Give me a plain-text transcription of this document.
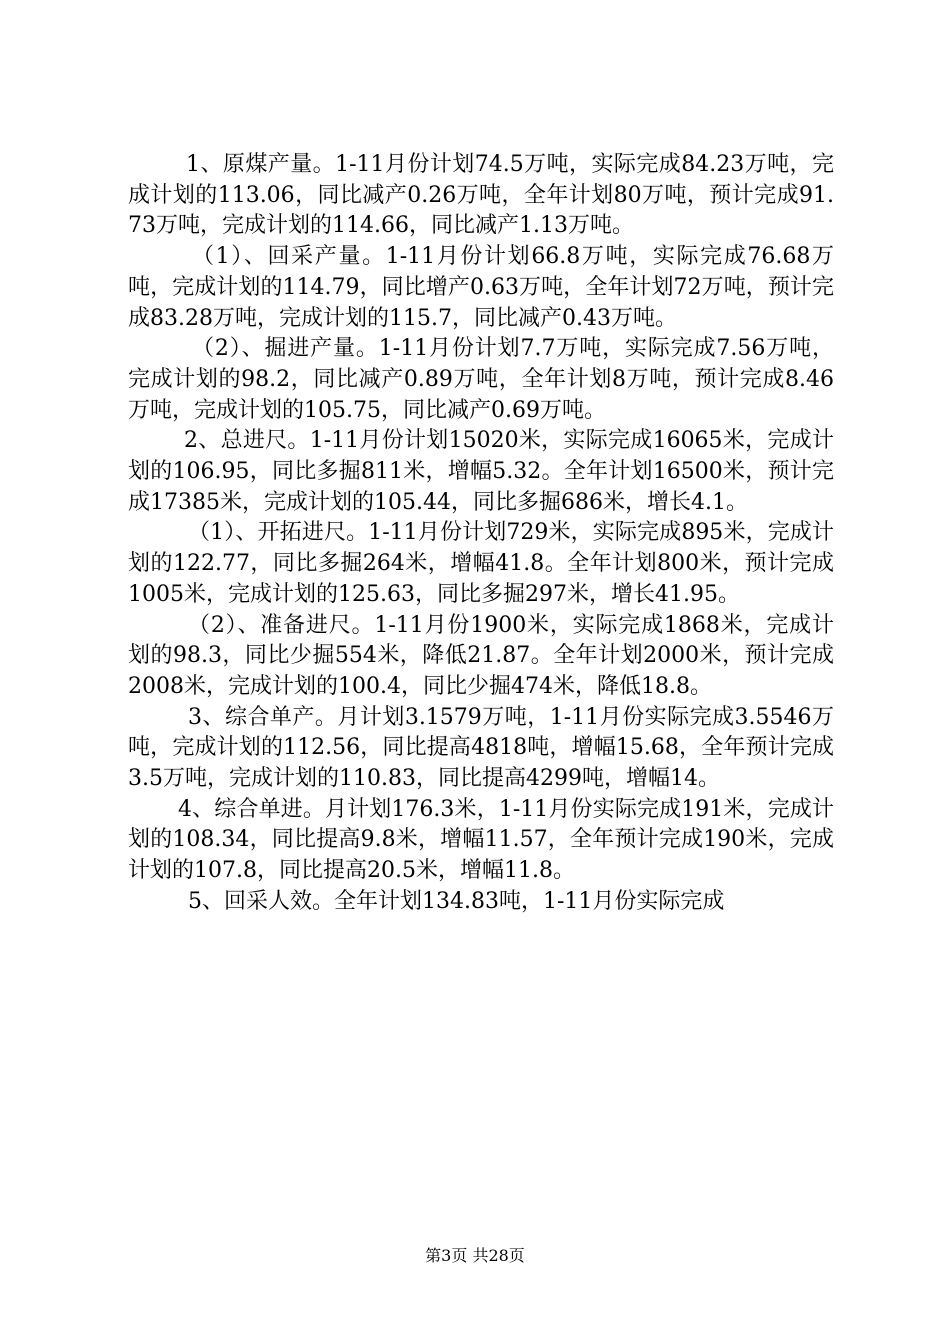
1、原煤产量。1-11月份计划74.5万吨，实际完成84.23万吨，完成计划的113.06，同比减产0.26万吨，全年计划80万吨，预计完成91.73万吨，完成计划的114.66，同比减产1.13万吨。

（1）、回采产量。1-11月份计划66.8万吨，实际完成76.68万吨，完成计划的114.79，同比增产0.63万吨，全年计划72万吨，预计完成83.28万吨，完成计划的115.7，同比减产0.43万吨。

（2）、掘进产量。1-11月份计划7.7万吨，实际完成7.56万吨，完成计划的98.2，同比减产0.89万吨，全年计划8万吨，预计完成8.46万吨，完成计划的105.75，同比减产0.69万吨。

2、总进尺。1-11月份计划15020米，实际完成16065米，完成计划的106.95，同比多掘811米，增幅5.32。全年计划16500米，预计完成17385米，完成计划的105.44，同比多掘686米，增长4.1。

（1）、开拓进尺。1-11月份计划729米，实际完成895米，完成计划的122.77，同比多掘264米，增幅41.8。全年计划800米，预计完成1005米，完成计划的125.63，同比多掘297米，增长41.95。

（2）、准备进尺。1-11月份1900米，实际完成1868米，完成计划的98.3，同比少掘554米，降低21.87。全年计划2000米，预计完成2008米，完成计划的100.4，同比少掘474米，降低18.8。

3、综合单产。月计划3.1579万吨，1-11月份实际完成3.5546万吨，完成计划的112.56，同比提高4818吨，增幅15.68，全年预计完成3.5万吨，完成计划的110.83，同比提高4299吨，增幅14。

4、综合单进。月计划176.3米，1-11月份实际完成191米，完成计划的108.34，同比提高9.8米，增幅11.57，全年预计完成190米，完成计划的107.8，同比提高20.5米，增幅11.8。

5、回采人效。全年计划134.83吨，1-11月份实际完成

第3页 共28页
